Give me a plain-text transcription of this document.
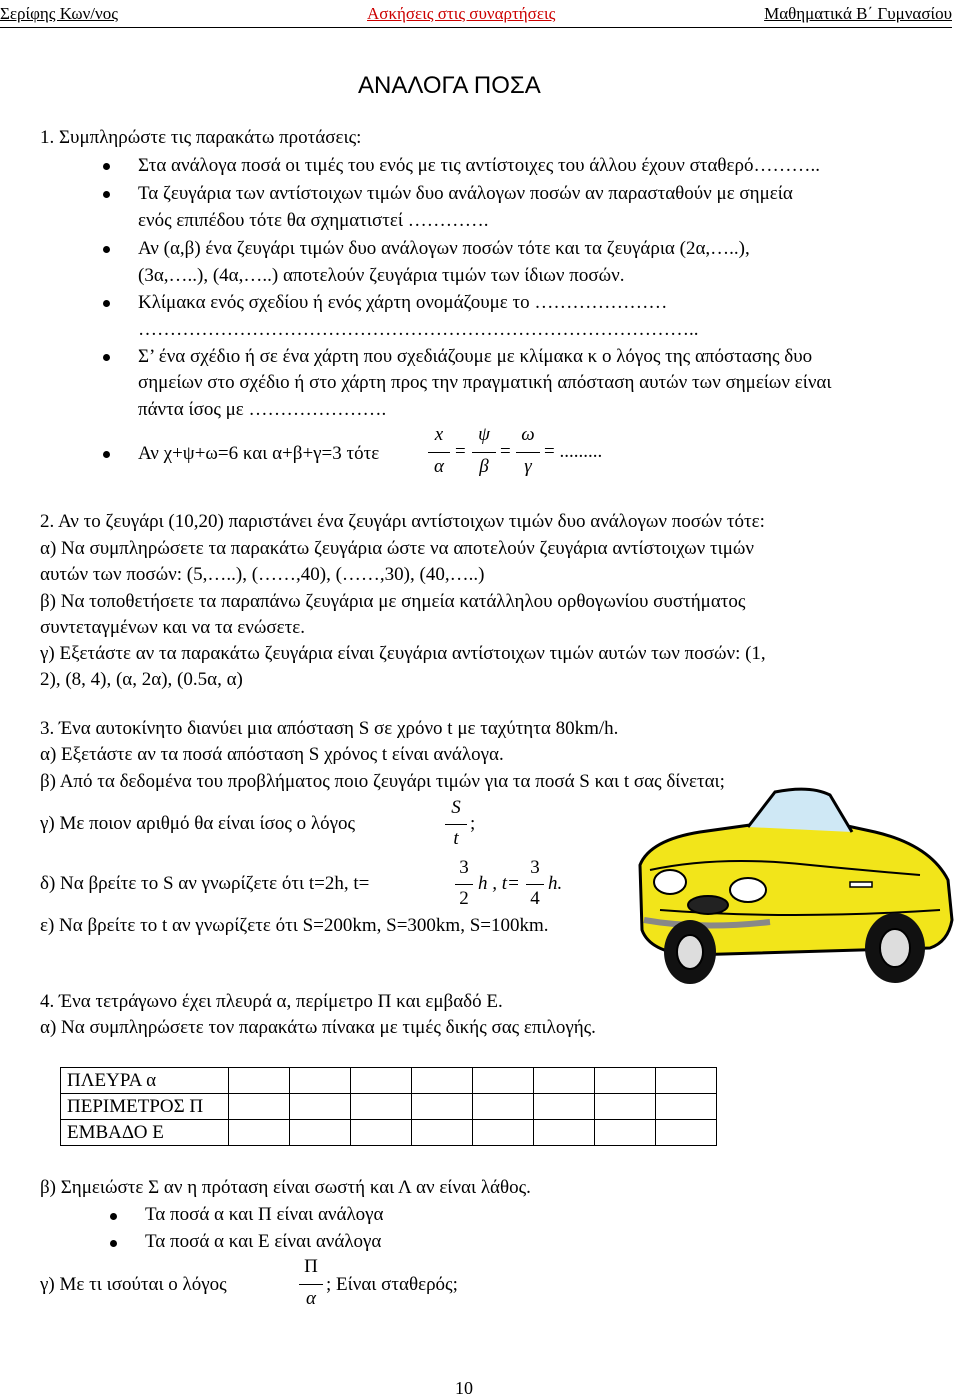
Σερίφης Κων/νος	Ασκήσεις στις συναρτήσεις	Μαθηματικά Β΄ Γυμνασίου
ΑΝΑΛΟΓΑ ΠΟΣΑ
1. Συμπληρώστε τις παρακάτω προτάσεις:
Στα ανάλογα ποσά οι τιμές του ενός με τις αντίστοιχες του άλλου έχουν σταθερό………..
Τα ζευγάρια των αντίστοιχων τιμών δυο ανάλογων ποσών αν παρασταθούν με σημεία
ενός επιπέδου τότε θα σχηματιστεί ………….
Αν (α,β) ένα ζευγάρι τιμών δυο ανάλογων ποσών τότε και τα ζευγάρια (2α,…..),
(3α,…..), (4α,…..) αποτελούν ζευγάρια τιμών των ίδιων ποσών.
Κλίμακα ενός σχεδίου ή ενός χάρτη ονομάζουμε το …………………
……………………………………………………………………………..
Σ’ ένα σχέδιο ή σε ένα χάρτη που σχεδιάζουμε με κλίμακα κ ο λόγος της απόστασης δυο
σημείων στο σχέδιο ή στο χάρτη προς την πραγματική απόσταση αυτών των σημείων είναι
πάντα ίσος με ………………….
Αν χ+ψ+ω=6 και α+β+γ=3 τότε
x
α
=
ψ
β
=
ω
γ
= .........
2. Αν το ζευγάρι (10,20) παριστάνει ένα ζευγάρι αντίστοιχων τιμών δυο ανάλογων ποσών τότε:
α) Να συμπληρώσετε τα παρακάτω ζευγάρια ώστε να αποτελούν ζευγάρια αντίστοιχων τιμών
αυτών των ποσών: (5,…..), (……,40), (……,30), (40,…..)
β) Να τοποθετήσετε τα παραπάνω ζευγάρια με σημεία κατάλληλου ορθογωνίου συστήματος
συντεταγμένων και να τα ενώσετε.
γ) Εξετάστε αν τα παρακάτω ζευγάρια είναι ζευγάρια αντίστοιχων τιμών αυτών των ποσών: (1,
2), (8, 4), (α, 2α), (0.5α, α)
3. Ένα αυτοκίνητο διανύει μια απόσταση S σε χρόνο t με ταχύτητα 80km/h.
α) Εξετάστε αν τα ποσά απόσταση S χρόνος t είναι ανάλογα.
β) Από τα δεδομένα του προβλήματος ποιο ζευγάρι τιμών για τα ποσά S και t σας δίνεται;
γ) Με ποιον αριθμό θα είναι ίσος ο λόγος
S
t
;
δ) Να βρείτε το S αν γνωρίζετε ότι t=2h, t=
3
2
h , t=
3
4
h.
ε) Να βρείτε το t αν γνωρίζετε ότι S=200km, S=300km, S=100km.
4. Ένα τετράγωνο έχει πλευρά α, περίμετρο Π και εμβαδό Ε.
α) Να συμπληρώσετε τον παρακάτω πίνακα με τιμές δικής σας επιλογής.
ΠΛΕΥΡΑ α								
ΠΕΡΙΜΕΤΡΟΣ Π								
ΕΜΒΑΔΟ Ε								
β) Σημειώστε Σ αν η πρόταση είναι σωστή και Λ αν είναι λάθος.
Τα ποσά α και Π είναι ανάλογα
Τα ποσά α και Ε είναι ανάλογα
γ) Με τι ισούται ο λόγος
Π
α
; Είναι σταθερός;
10
